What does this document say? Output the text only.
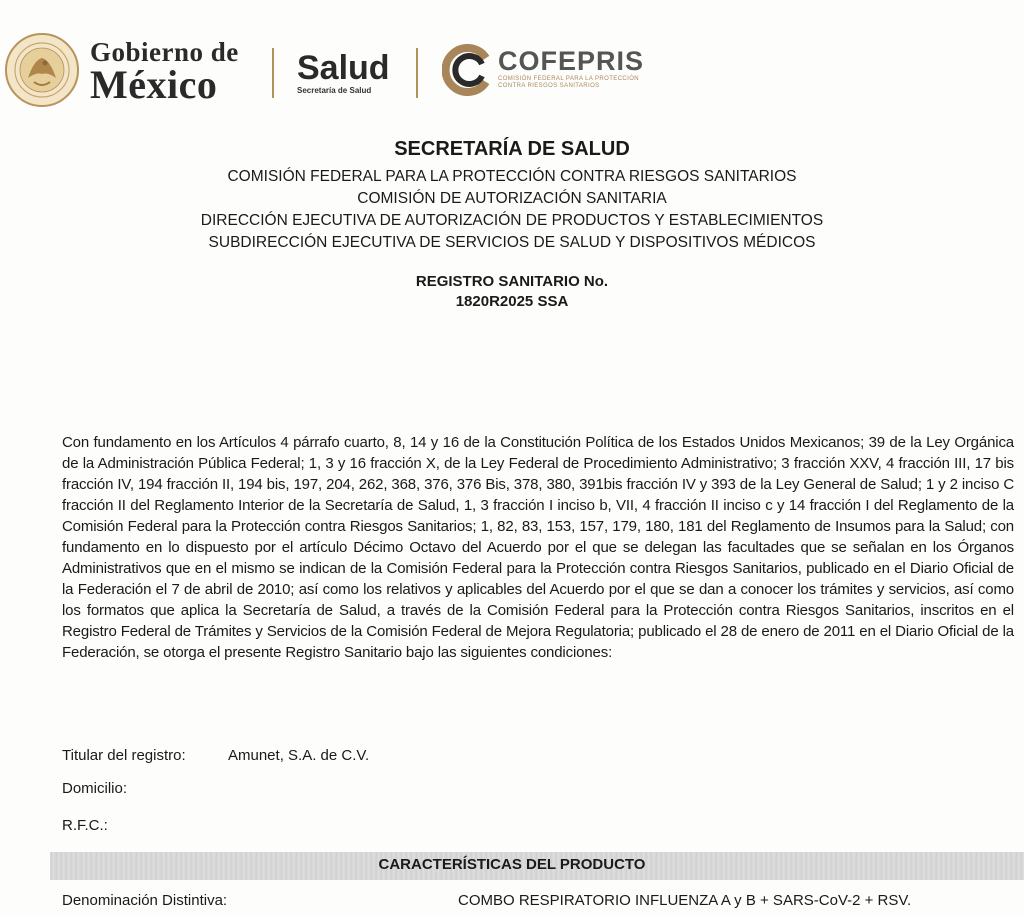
Gobierno de
México	Salud
Secretaría de Salud
COFEPRIS
COMISIÓN FEDERAL PARA LA PROTECCIÓN
CONTRA RIESGOS SANITARIOS
SECRETARÍA DE SALUD
COMISIÓN FEDERAL PARA LA PROTECCIÓN CONTRA RIESGOS SANITARIOS
COMISIÓN DE AUTORIZACIÓN SANITARIA
DIRECCIÓN EJECUTIVA DE AUTORIZACIÓN DE PRODUCTOS Y ESTABLECIMIENTOS
SUBDIRECCIÓN EJECUTIVA DE SERVICIOS DE SALUD Y DISPOSITIVOS MÉDICOS
REGISTRO SANITARIO No.
1820R2025 SSA

Con fundamento en los Artículos 4 párrafo cuarto, 8, 14 y 16 de la Constitución Política de los Estados Unidos Mexicanos; 39 de la Ley Orgánica de la Administración Pública Federal; 1, 3 y 16 fracción X, de la Ley Federal de Procedimiento Administrativo; 3 fracción XXV, 4 fracción III, 17 bis fracción IV, 194 fracción II, 194 bis, 197, 204, 262, 368, 376, 376 Bis, 378, 380, 391bis fracción IV y 393 de la Ley General de Salud; 1 y 2 inciso C fracción II del Reglamento Interior de la Secretaría de Salud, 1, 3 fracción I inciso b, VII, 4 fracción II inciso c y 14 fracción I del Reglamento de la Comisión Federal para la Protección contra Riesgos Sanitarios; 1, 82, 83, 153, 157, 179, 180, 181 del Reglamento de Insumos para la Salud; con fundamento en lo dispuesto por el artículo Décimo Octavo del Acuerdo por el que se delegan las facultades que se señalan en los Órganos Administrativos que en el mismo se indican de la Comisión Federal para la Protección contra Riesgos Sanitarios, publicado en el Diario Oficial de la Federación el 7 de abril de 2010; así como los relativos y aplicables del Acuerdo por el que se dan a conocer los trámites y servicios, así como los formatos que aplica la Secretaría de Salud, a través de la Comisión Federal para la Protección contra Riesgos Sanitarios, inscritos en el Registro Federal de Trámites y Servicios de la Comisión Federal de Mejora Regulatoria; publicado el 28 de enero de 2011 en el Diario Oficial de la Federación, se otorga el presente Registro Sanitario bajo las siguientes condiciones:

Titular del registro:	Amunet, S.A. de C.V.
Domicilio:
R.F.C.:
CARACTERÍSTICAS DEL PRODUCTO
Denominación Distintiva:	COMBO RESPIRATORIO INFLUENZA A y B + SARS-CoV-2 + RSV.
